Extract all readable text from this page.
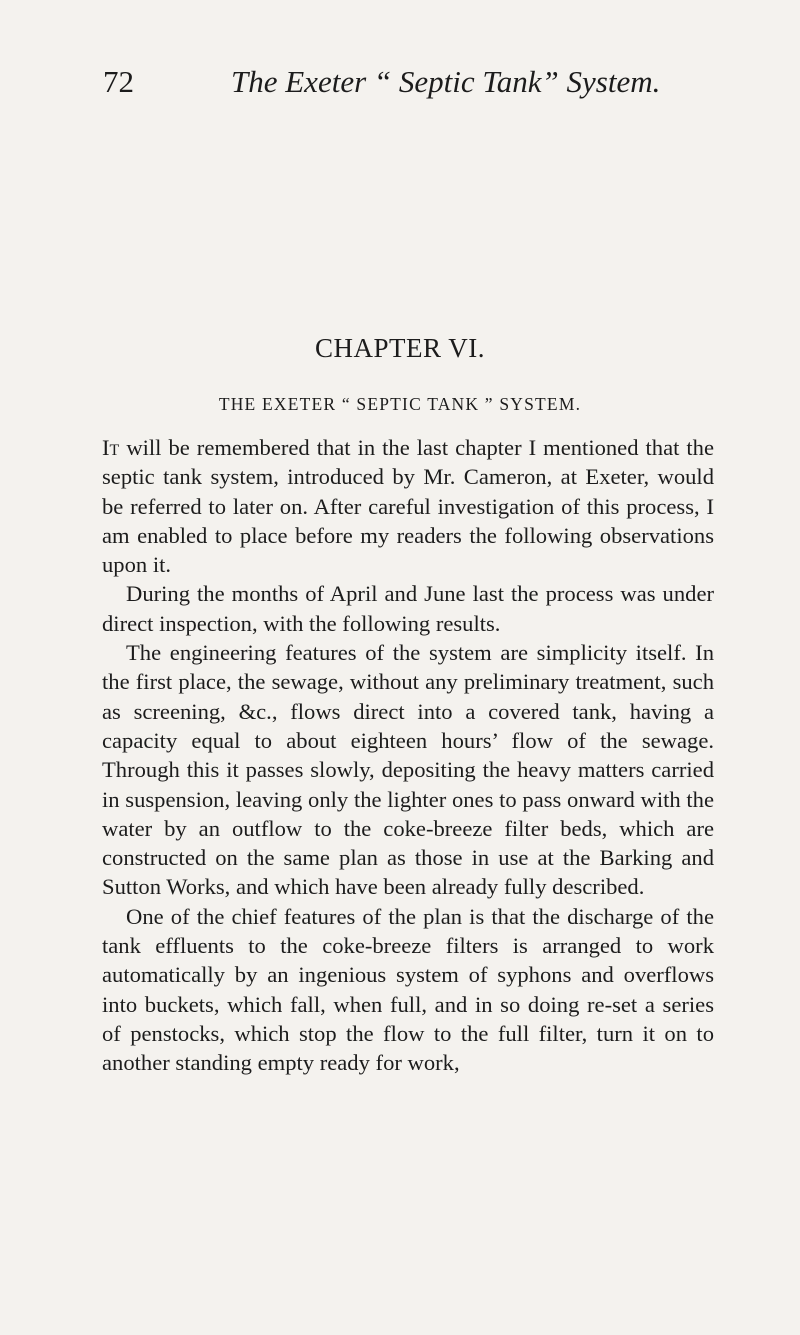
72	The Exeter “ Septic Tank” System.
CHAPTER VI.
THE EXETER “ SEPTIC TANK ” SYSTEM.

It will be remembered that in the last chapter I mentioned that the septic tank system, introduced by Mr. Cameron, at Exeter, would be referred to later on. After careful investigation of this process, I am enabled to place before my readers the following observations upon it.

During the months of April and June last the process was under direct inspection, with the following results.

The engineering features of the system are simplicity itself. In the first place, the sewage, without any preliminary treatment, such as screening, &c., flows direct into a covered tank, having a capacity equal to about eighteen hours’ flow of the sewage. Through this it passes slowly, depositing the heavy matters carried in suspension, leaving only the lighter ones to pass onward with the water by an outflow to the coke-breeze filter beds, which are constructed on the same plan as those in use at the Barking and Sutton Works, and which have been already fully described.

One of the chief features of the plan is that the discharge of the tank effluents to the coke-breeze filters is arranged to work automatically by an ingenious system of syphons and overflows into buckets, which fall, when full, and in so doing re-set a series of penstocks, which stop the flow to the full filter, turn it on to another standing empty ready for work,
